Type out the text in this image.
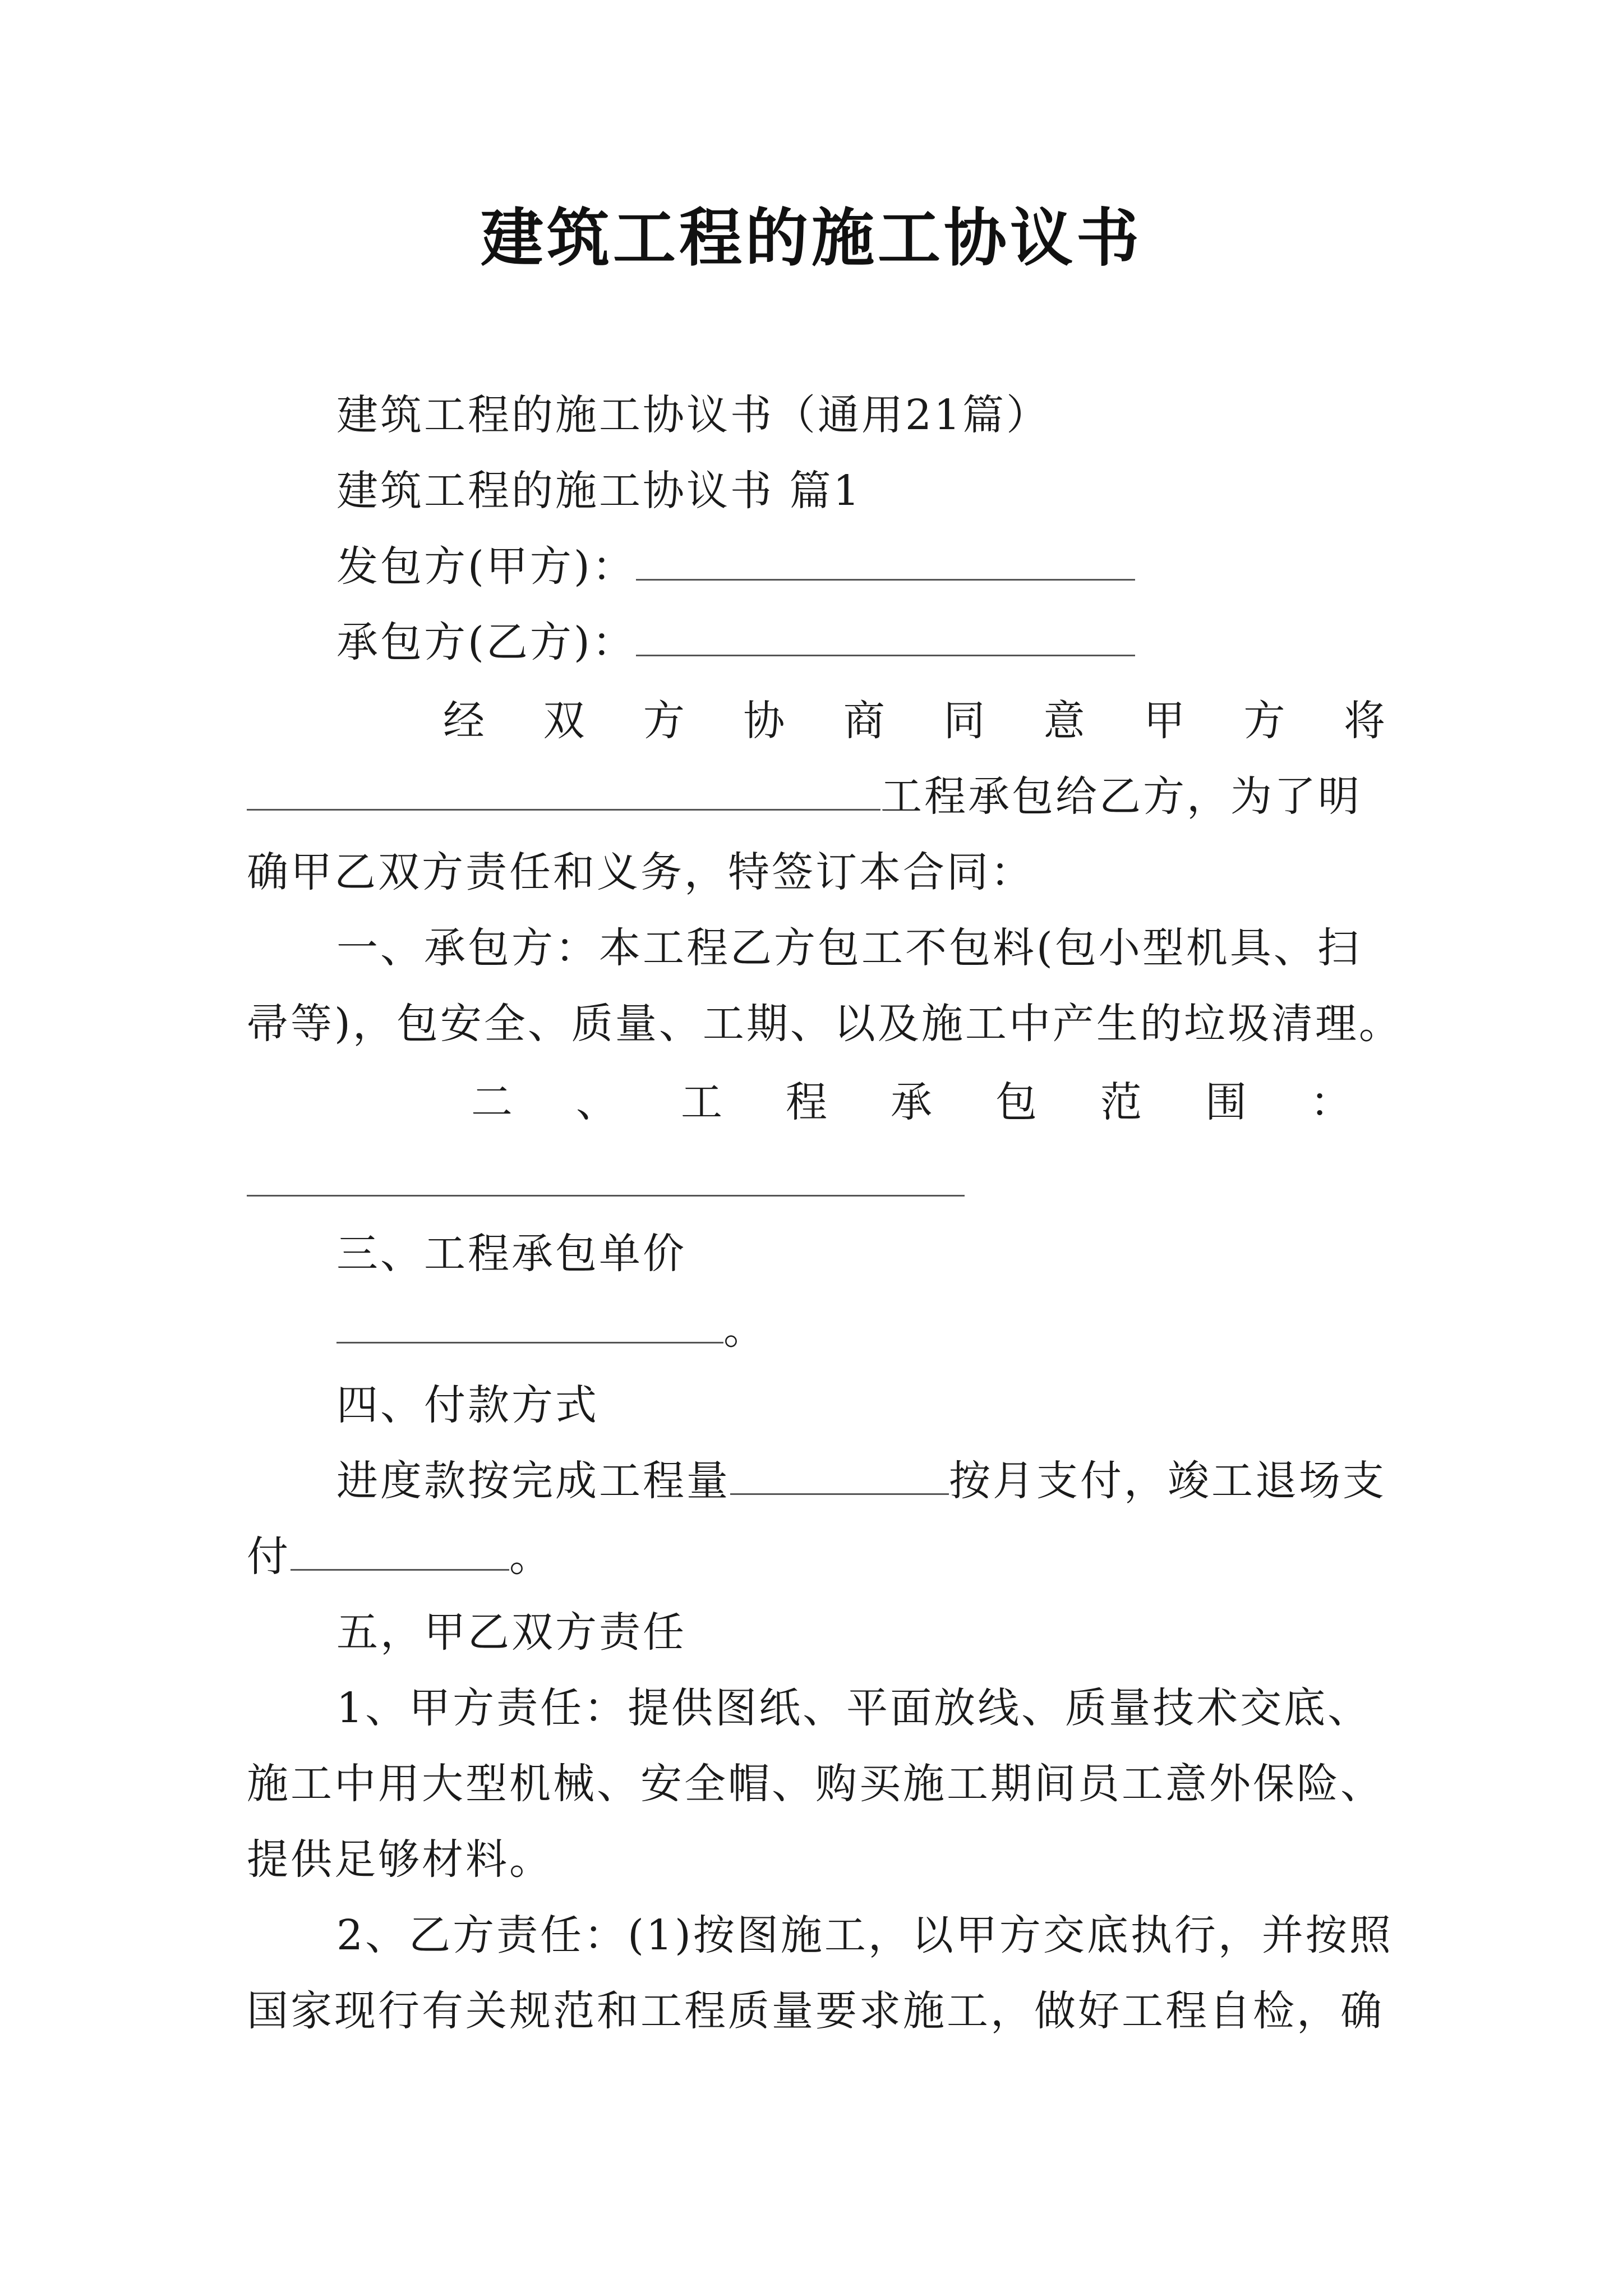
建筑工程的施工协议书
建筑工程的施工协议书（通用21篇）
建筑工程的施工协议书 篇1
发包方(甲方)：
承包方(乙方)：
经 双 方 协 商 同 意 甲 方 将
工程承包给乙方，为了明
确甲乙双方责任和义务，特签订本合同：
一、承包方：本工程乙方包工不包料(包小型机具、扫
帚等)，包安全、质量、工期、以及施工中产生的垃圾清理。
二 、 工 程 承 包 范 围 ：
三、工程承包单价
。
四、付款方式
进度款按完成工程量	按月支付，竣工退场支
付	。
五，甲乙双方责任
1、甲方责任：提供图纸、平面放线、质量技术交底、
施工中用大型机械、安全帽、购买施工期间员工意外保险、
提供足够材料。
2、乙方责任：(1)按图施工，以甲方交底执行，并按照
国家现行有关规范和工程质量要求施工，做好工程自检，确
